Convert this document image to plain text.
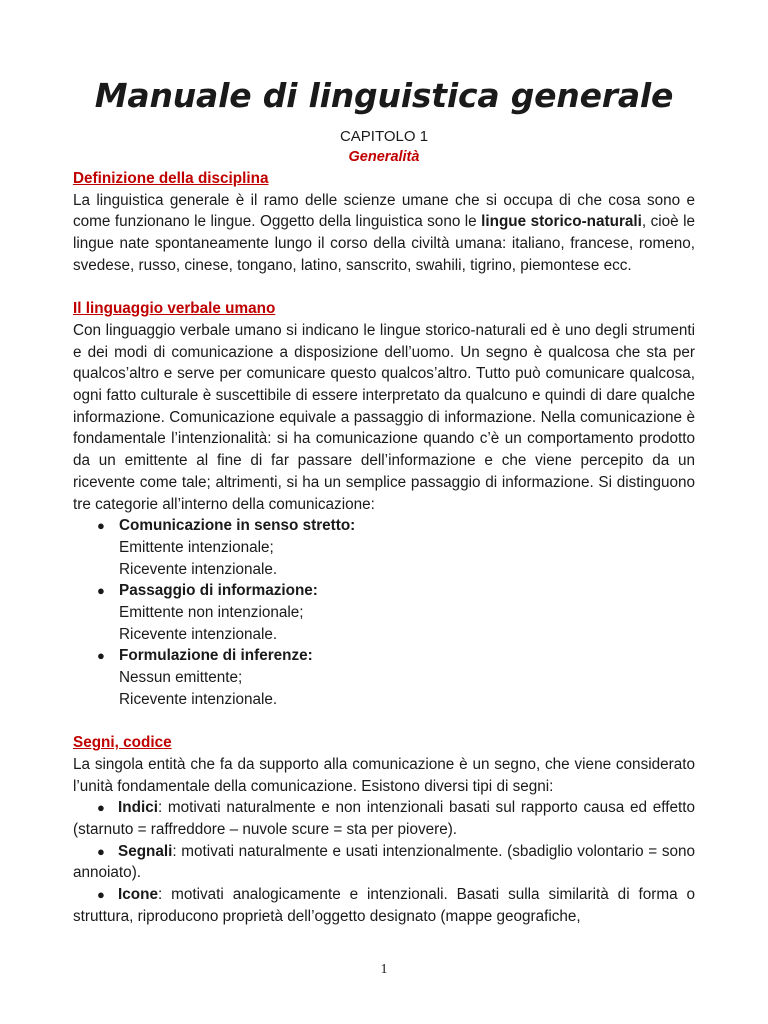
Manuale di linguistica generale

CAPITOLO 1

Generalità

Definizione della disciplina

La linguistica generale è il ramo delle scienze umane che si occupa di che cosa sono e come funzionano le lingue. Oggetto della linguistica sono le lingue storico-naturali, cioè le lingue nate spontaneamente lungo il corso della civiltà umana: italiano, francese, romeno, svedese, russo, cinese, tongano, latino, sanscrito, swahili, tigrino, piemontese ecc.

Il linguaggio verbale umano

Con linguaggio verbale umano si indicano le lingue storico-naturali ed è uno degli strumenti e dei modi di comunicazione a disposizione dell’uomo. Un segno è qualcosa che sta per qualcos’altro e serve per comunicare questo qualcos’altro. Tutto può comunicare qualcosa, ogni fatto culturale è suscettibile di essere interpretato da qualcuno e quindi di dare qualche informazione. Comunicazione equivale a passaggio di informazione. Nella comunicazione è fondamentale l’intenzionalità: si ha comunicazione quando c’è un comportamento prodotto da un emittente al fine di far passare dell’informazione e che viene percepito da un ricevente come tale; altrimenti, si ha un semplice passaggio di informazione. Si distinguono tre categorie all’interno della comunicazione:

● Comunicazione in senso stretto:
Emittente intenzionale;
Ricevente intenzionale.
● Passaggio di informazione:
Emittente non intenzionale;
Ricevente intenzionale.
● Formulazione di inferenze:
Nessun emittente;
Ricevente intenzionale.

Segni, codice

La singola entità che fa da supporto alla comunicazione è un segno, che viene considerato l’unità fondamentale della comunicazione. Esistono diversi tipi di segni:

● Indici: motivati naturalmente e non intenzionali basati sul rapporto causa ed effetto (starnuto = raffreddore – nuvole scure = sta per piovere).
● Segnali: motivati naturalmente e usati intenzionalmente. (sbadiglio volontario = sono annoiato).
● Icone: motivati analogicamente e intenzionali. Basati sulla similarità di forma o struttura, riproducono proprietà dell’oggetto designato (mappe geografiche,
1
